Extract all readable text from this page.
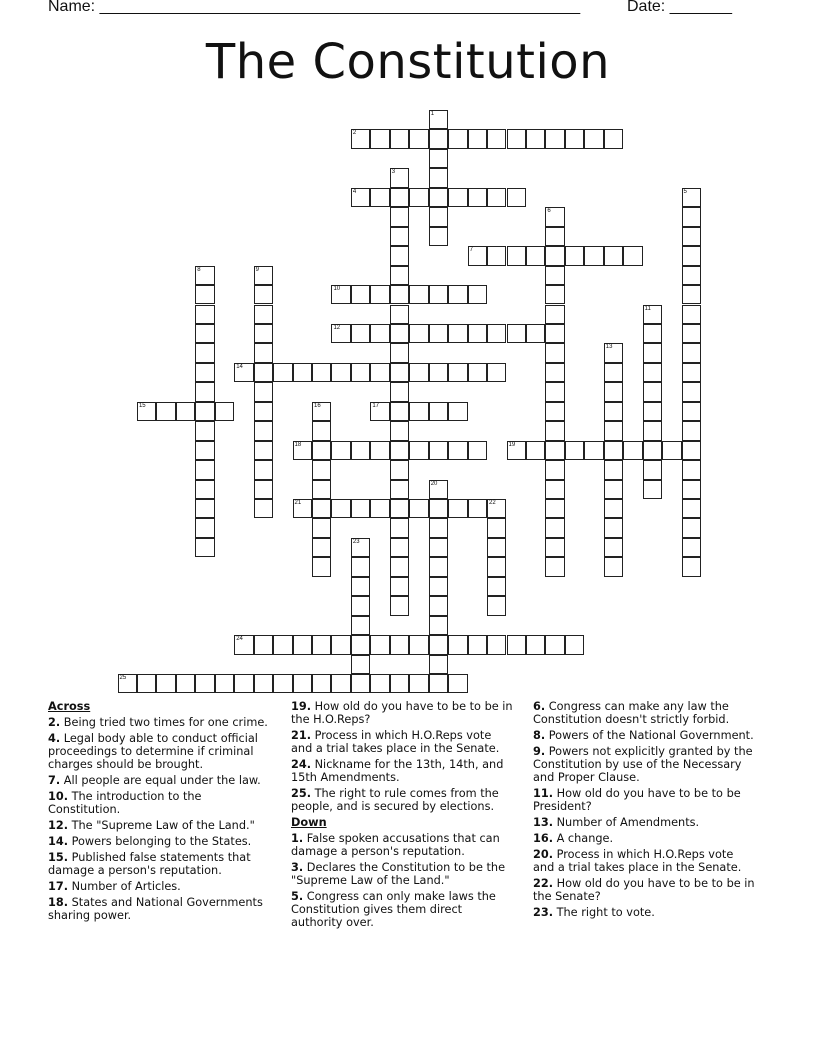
Name: ______________________________________________________	Date: _______
The Constitution
1
2
3
4	5
6
7
8	9
10
11
12
13
14
15	16	17
18	19
20
21	22
23
24
25
Across
2. Being tried two times for one crime.
4. Legal body able to conduct official proceedings to determine if criminal charges should be brought.
7. All people are equal under the law.
10. The introduction to the Constitution.
12. The "Supreme Law of the Land."
14. Powers belonging to the States.
15. Published false statements that damage a person's reputation.
17. Number of Articles.
18. States and National Governments sharing power.
19. How old do you have to be to be in the H.O.Reps?
21. Process in which H.O.Reps vote and a trial takes place in the Senate.
24. Nickname for the 13th, 14th, and 15th Amendments.
25. The right to rule comes from the people, and is secured by elections.
Down
1. False spoken accusations that can damage a person's reputation.
3. Declares the Constitution to be the "Supreme Law of the Land."
5. Congress can only make laws the Constitution gives them direct authority over.
6. Congress can make any law the Constitution doesn't strictly forbid.
8. Powers of the National Government.
9. Powers not explicitly granted by the Constitution by use of the Necessary and Proper Clause.
11. How old do you have to be to be President?
13. Number of Amendments.
16. A change.
20. Process in which H.O.Reps vote and a trial takes place in the Senate.
22. How old do you have to be to be in the Senate?
23. The right to vote.
